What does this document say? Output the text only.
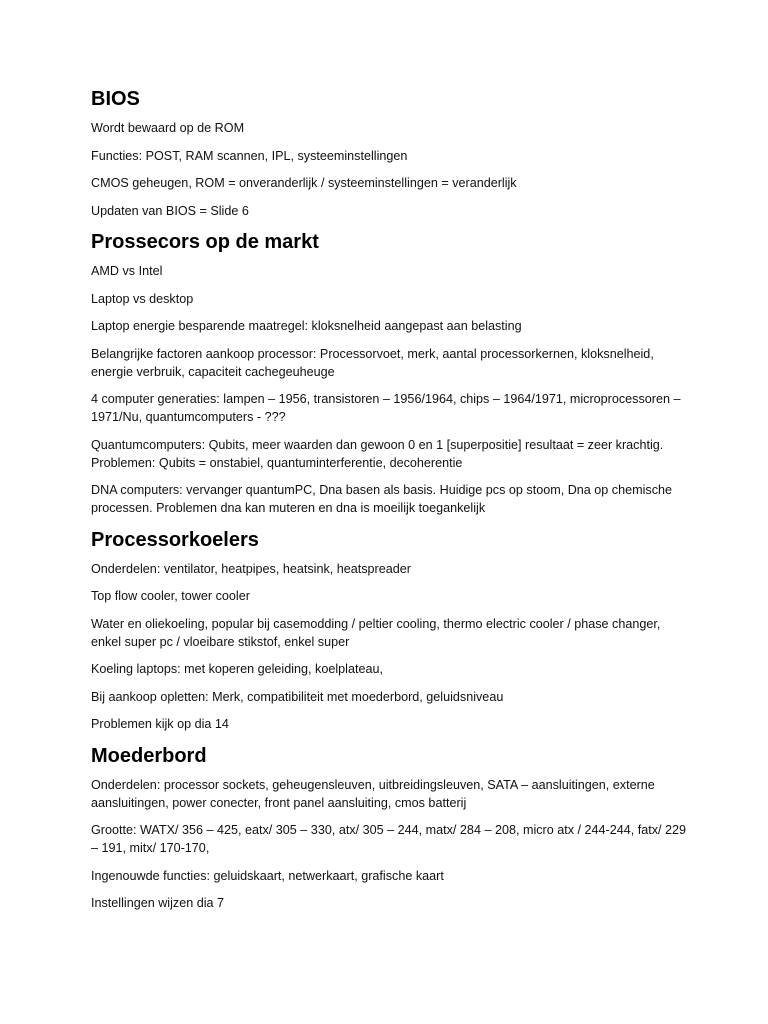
BIOS

Wordt bewaard op de ROM

Functies: POST, RAM scannen, IPL, systeeminstellingen

CMOS geheugen, ROM = onveranderlijk / systeeminstellingen = veranderlijk

Updaten van BIOS = Slide 6

Prossecors op de markt

AMD vs Intel

Laptop vs desktop

Laptop energie besparende maatregel: kloksnelheid aangepast aan belasting

Belangrijke factoren aankoop processor: Processorvoet, merk, aantal processorkernen, kloksnelheid, energie verbruik, capaciteit cachegeuheuge

4 computer generaties: lampen – 1956, transistoren – 1956/1964, chips – 1964/1971, microprocessoren – 1971/Nu, quantumcomputers - ???

Quantumcomputers: Qubits, meer waarden dan gewoon 0 en 1 [superpositie] resultaat = zeer krachtig. Problemen: Qubits = onstabiel, quantuminterferentie, decoherentie

DNA computers: vervanger quantumPC, Dna basen als basis. Huidige pcs op stoom, Dna op chemische processen. Problemen dna kan muteren en dna is moeilijk toegankelijk

Processorkoelers

Onderdelen: ventilator, heatpipes, heatsink, heatspreader

Top flow cooler, tower cooler

Water en oliekoeling, popular bij casemodding / peltier cooling, thermo electric cooler / phase changer, enkel super pc / vloeibare stikstof, enkel super

Koeling laptops: met koperen geleiding, koelplateau,

Bij aankoop opletten: Merk, compatibiliteit met moederbord, geluidsniveau

Problemen kijk op dia 14

Moederbord

Onderdelen: processor sockets, geheugensleuven, uitbreidingsleuven, SATA – aansluitingen, externe aansluitingen, power conecter, front panel aansluiting, cmos batterij

Grootte: WATX/ 356 – 425, eatx/ 305 – 330, atx/ 305 – 244, matx/ 284 – 208, micro atx / 244-244, fatx/ 229 – 191, mitx/ 170-170,

Ingenouwde functies: geluidskaart, netwerkaart, grafische kaart

Instellingen wijzen dia 7
